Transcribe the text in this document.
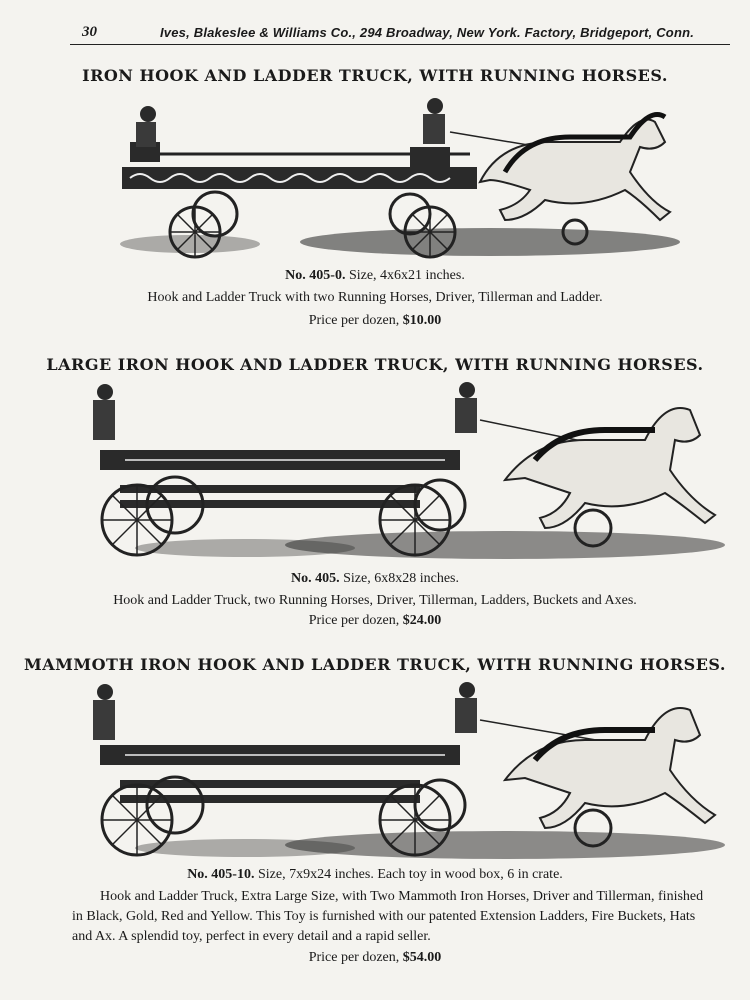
30	Ives, Blakeslee & Williams Co., 294 Broadway, New York. Factory, Bridgeport, Conn.
IRON HOOK AND LADDER TRUCK, WITH RUNNING HORSES.
No. 405-0. Size, 4x6x21 inches.
Hook and Ladder Truck with two Running Horses, Driver, Tillerman and Ladder.
Price per dozen, $10.00
LARGE IRON HOOK AND LADDER TRUCK, WITH RUNNING HORSES.
No. 405. Size, 6x8x28 inches.
Hook and Ladder Truck, two Running Horses, Driver, Tillerman, Ladders, Buckets and Axes.
Price per dozen, $24.00
MAMMOTH IRON HOOK AND LADDER TRUCK, WITH RUNNING HORSES.
No. 405-10. Size, 7x9x24 inches. Each toy in wood box, 6 in crate.
Hook and Ladder Truck, Extra Large Size, with Two Mammoth Iron Horses, Driver and Tillerman, finished
in Black, Gold, Red and Yellow. This Toy is furnished with our patented Extension Ladders, Fire Buckets, Hats
and Ax. A splendid toy, perfect in every detail and a rapid seller.
Price per dozen, $54.00
